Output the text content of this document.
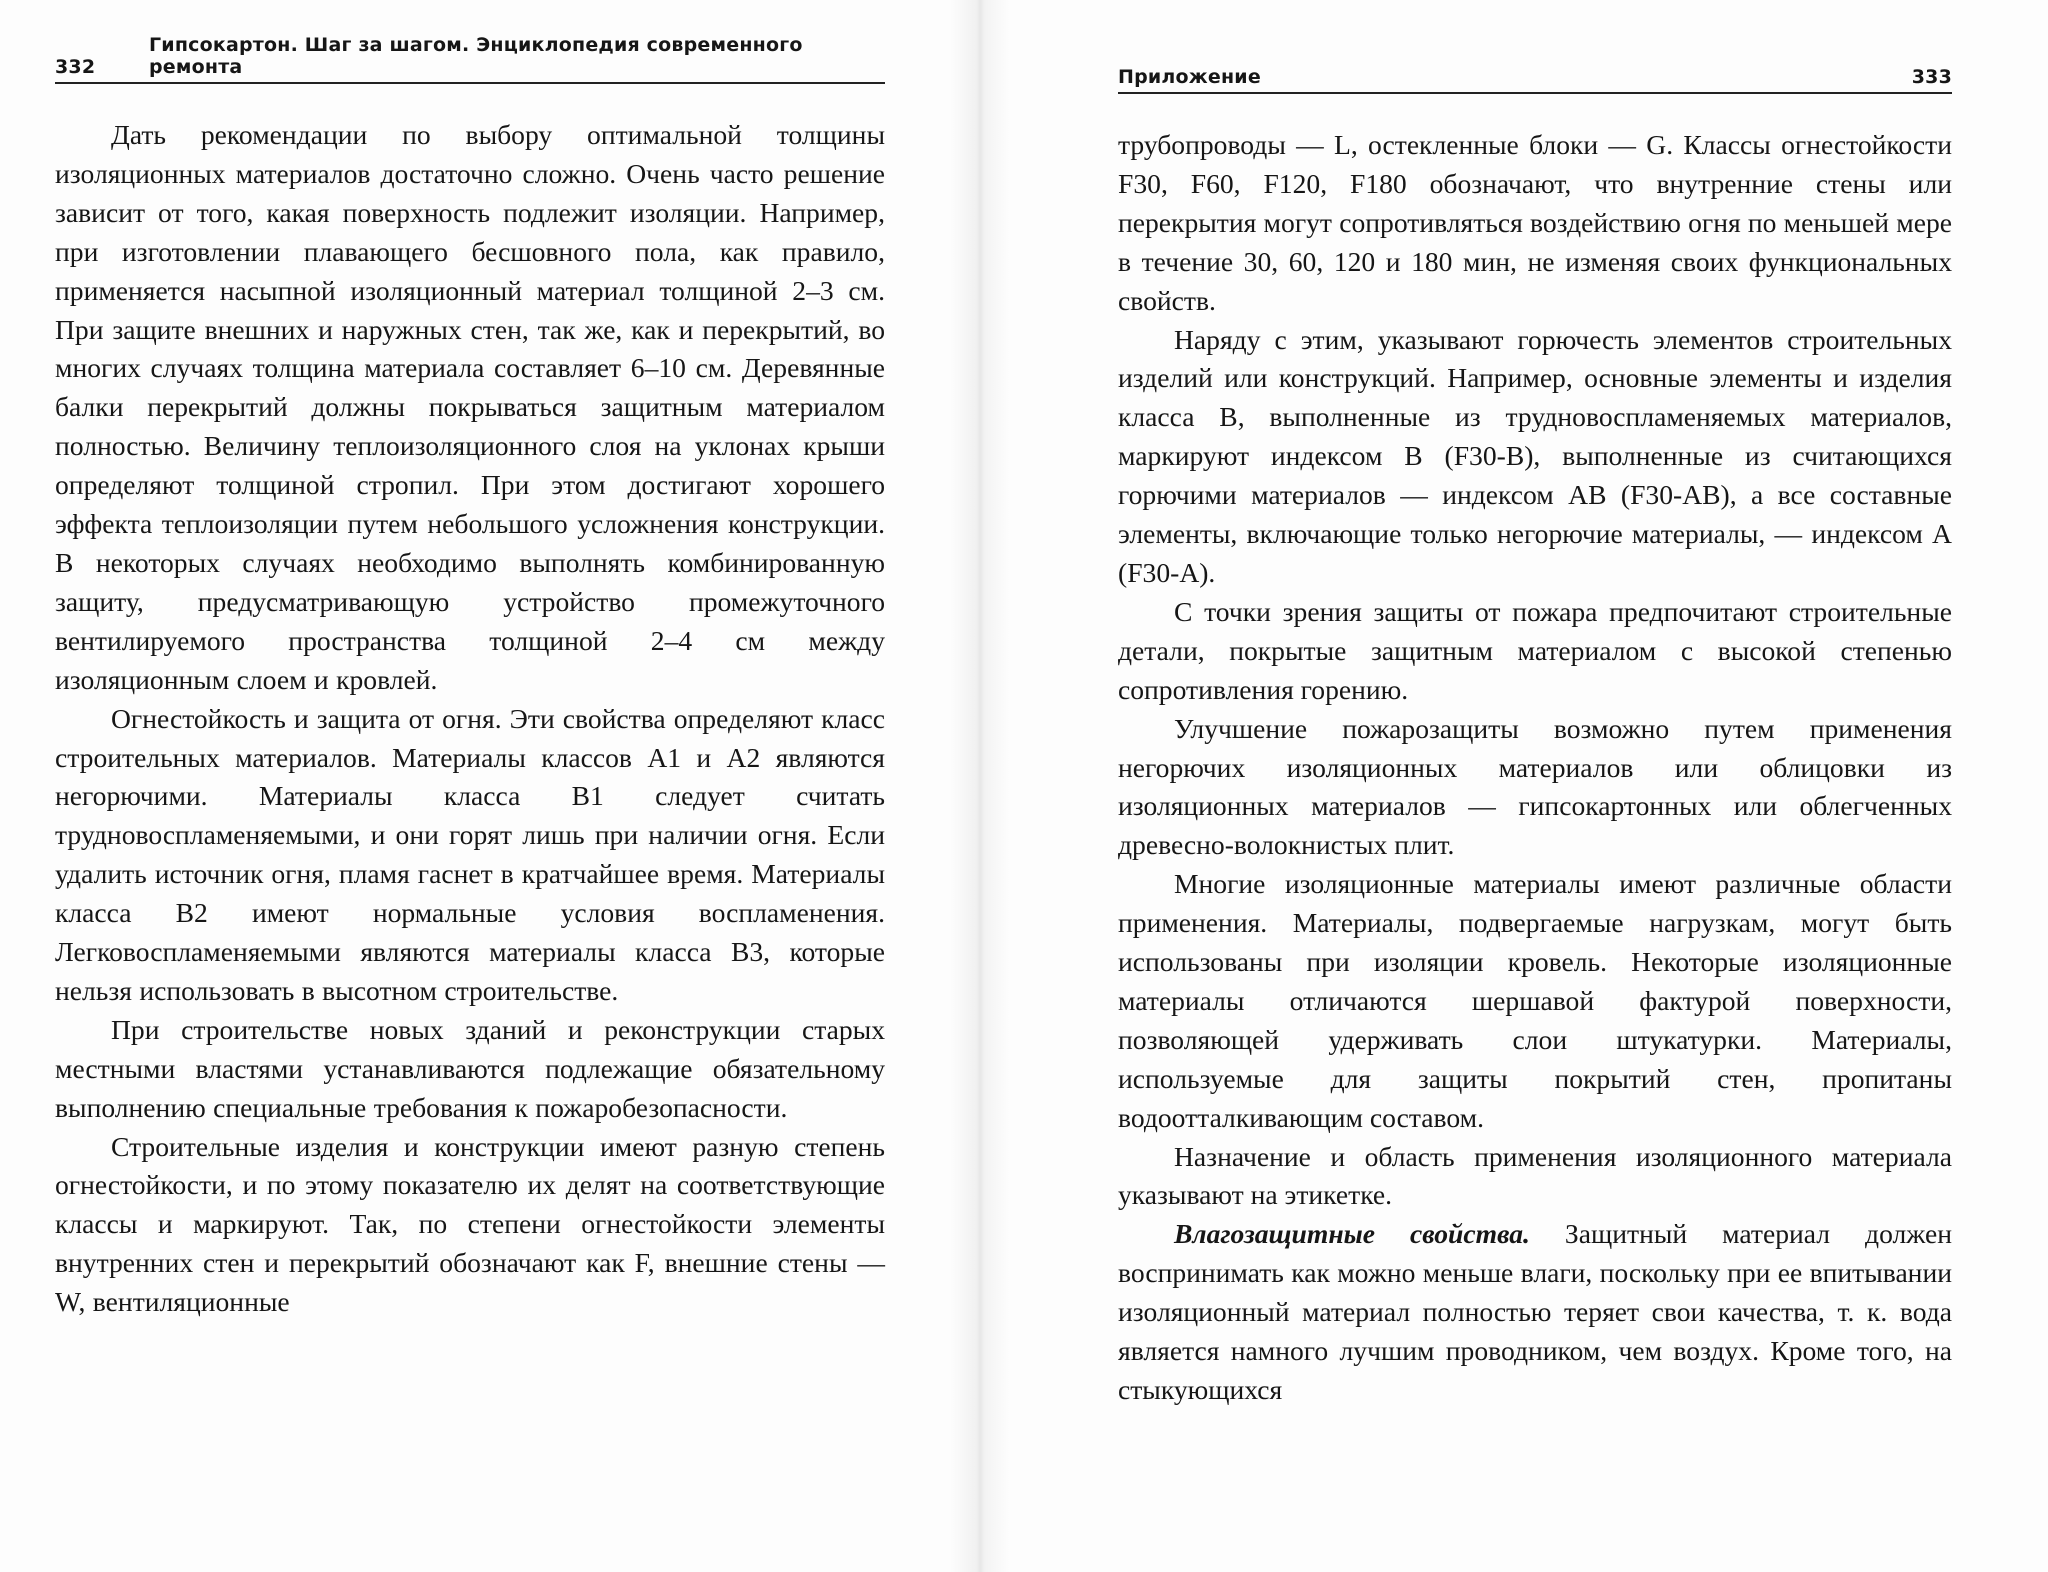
332
Гипсокартон. Шаг за шагом. Энциклопедия современного ремонта

Дать рекомендации по выбору оптимальной толщины изоляционных материалов достаточно сложно. Очень часто решение зависит от того, какая поверхность подлежит изоляции. Например, при изготовлении плавающего бесшовного пола, как правило, применяется насыпной изоляционный материал толщиной 2–3 см. При защите внешних и наружных стен, так же, как и перекрытий, во многих случаях толщина материала составляет 6–10 см. Деревянные балки перекрытий должны покрываться защитным материалом полностью. Величину теплоизоляционного слоя на уклонах крыши определяют толщиной стропил. При этом достигают хорошего эффекта теплоизоляции путем небольшого усложнения конструкции. В некоторых случаях необходимо выполнять комбинированную защиту, предусматривающую устройство промежуточного вентилируемого пространства толщиной 2–4 см между изоляционным слоем и кровлей.

Огнестойкость и защита от огня. Эти свойства определяют класс строительных материалов. Материалы классов А1 и А2 являются негорючими. Материалы класса В1 следует считать трудновоспламеняемыми, и они горят лишь при наличии огня. Если удалить источник огня, пламя гаснет в кратчайшее время. Материалы класса В2 имеют нормальные условия воспламенения. Легковоспламеняемыми являются материалы класса В3, которые нельзя использовать в высотном строительстве.

При строительстве новых зданий и реконструкции старых местными властями устанавливаются подлежащие обязательному выполнению специальные требования к пожаробезопасности.

Строительные изделия и конструкции имеют разную степень огнестойкости, и по этому показателю их делят на соответствующие классы и маркируют. Так, по степени огнестойкости элементы внутренних стен и перекрытий обозначают как F, внешние стены — W, вентиляционные

Приложение	333

трубопроводы — L, остекленные блоки — G. Классы огнестойкости F30, F60, F120, F180 обозначают, что внутренние стены или перекрытия могут сопротивляться воздействию огня по меньшей мере в течение 30, 60, 120 и 180 мин, не изменяя своих функциональных свойств.

Наряду с этим, указывают горючесть элементов строительных изделий или конструкций. Например, основные элементы и изделия класса В, выполненные из трудновоспламеняемых материалов, маркируют индексом В (F30-В), выполненные из считающихся горючими материалов — индексом АВ (F30-АВ), а все составные элементы, включающие только негорючие материалы, — индексом А (F30-А).

С точки зрения защиты от пожара предпочитают строительные детали, покрытые защитным материалом с высокой степенью сопротивления горению.

Улучшение пожарозащиты возможно путем применения негорючих изоляционных материалов или облицовки из изоляционных материалов — гипсокартонных или облегченных древесно-волокнистых плит.

Многие изоляционные материалы имеют различные области применения. Материалы, подвергаемые нагрузкам, могут быть использованы при изоляции кровель. Некоторые изоляционные материалы отличаются шершавой фактурой поверхности, позволяющей удерживать слои штукатурки. Материалы, используемые для защиты покрытий стен, пропитаны водоотталкивающим составом.

Назначение и область применения изоляционного материала указывают на этикетке.

Влагозащитные свойства. Защитный материал должен воспринимать как можно меньше влаги, поскольку при ее впитывании изоляционный материал полностью теряет свои качества, т. к. вода является намного лучшим проводником, чем воздух. Кроме того, на стыкующихся
